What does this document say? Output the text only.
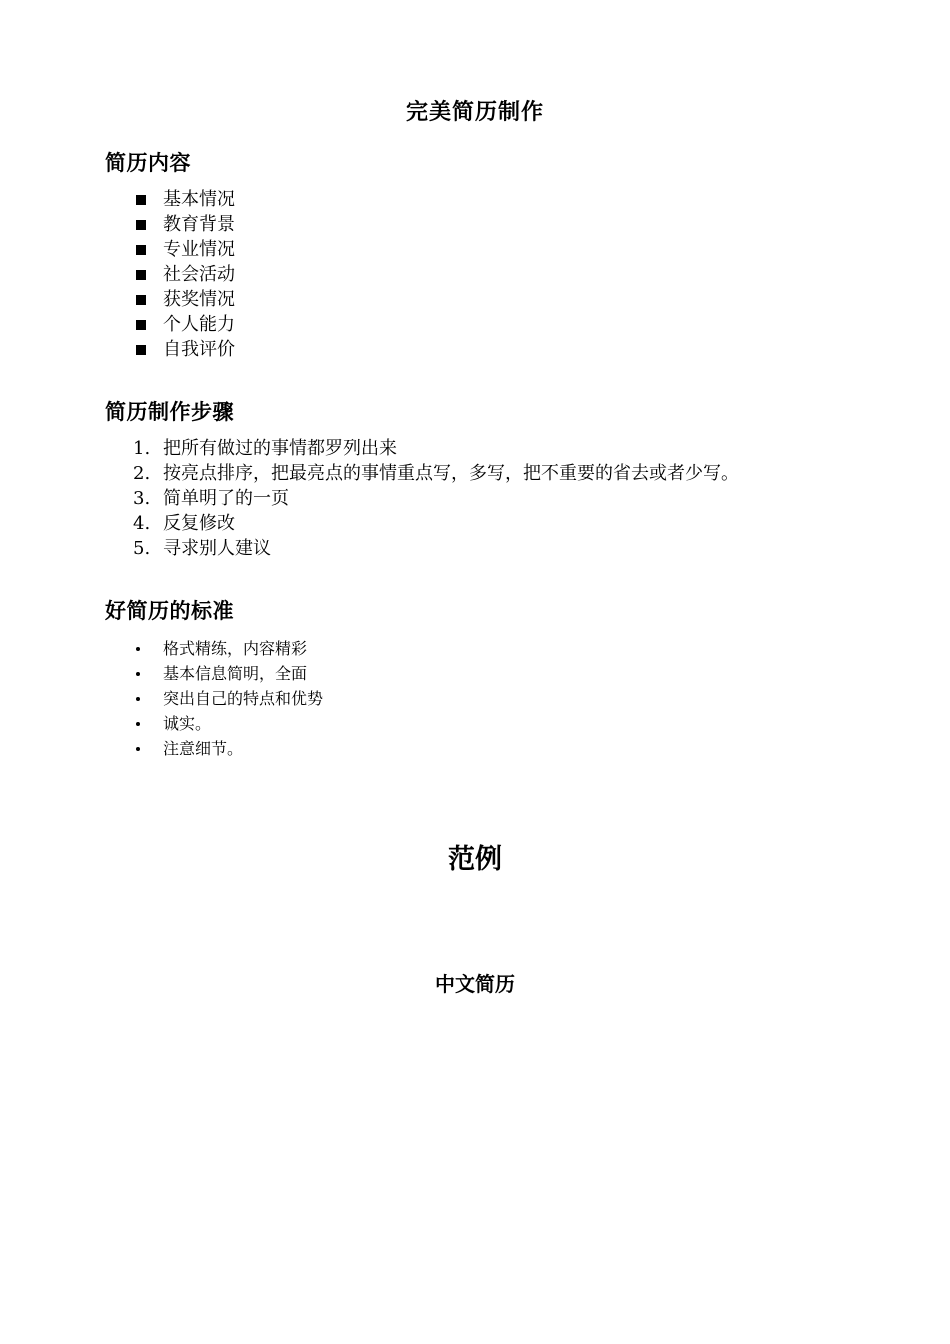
完美简历制作
简历内容
基本情况
教育背景
专业情况
社会活动
获奖情况
个人能力
自我评价
简历制作步骤
1. 把所有做过的事情都罗列出来
2. 按亮点排序，把最亮点的事情重点写，多写，把不重要的省去或者少写。
3. 简单明了的一页
4. 反复修改
5. 寻求别人建议
好简历的标准
格式精练，内容精彩
基本信息简明，全面
突出自己的特点和优势
诚实。
注意细节。
范例
中文简历
